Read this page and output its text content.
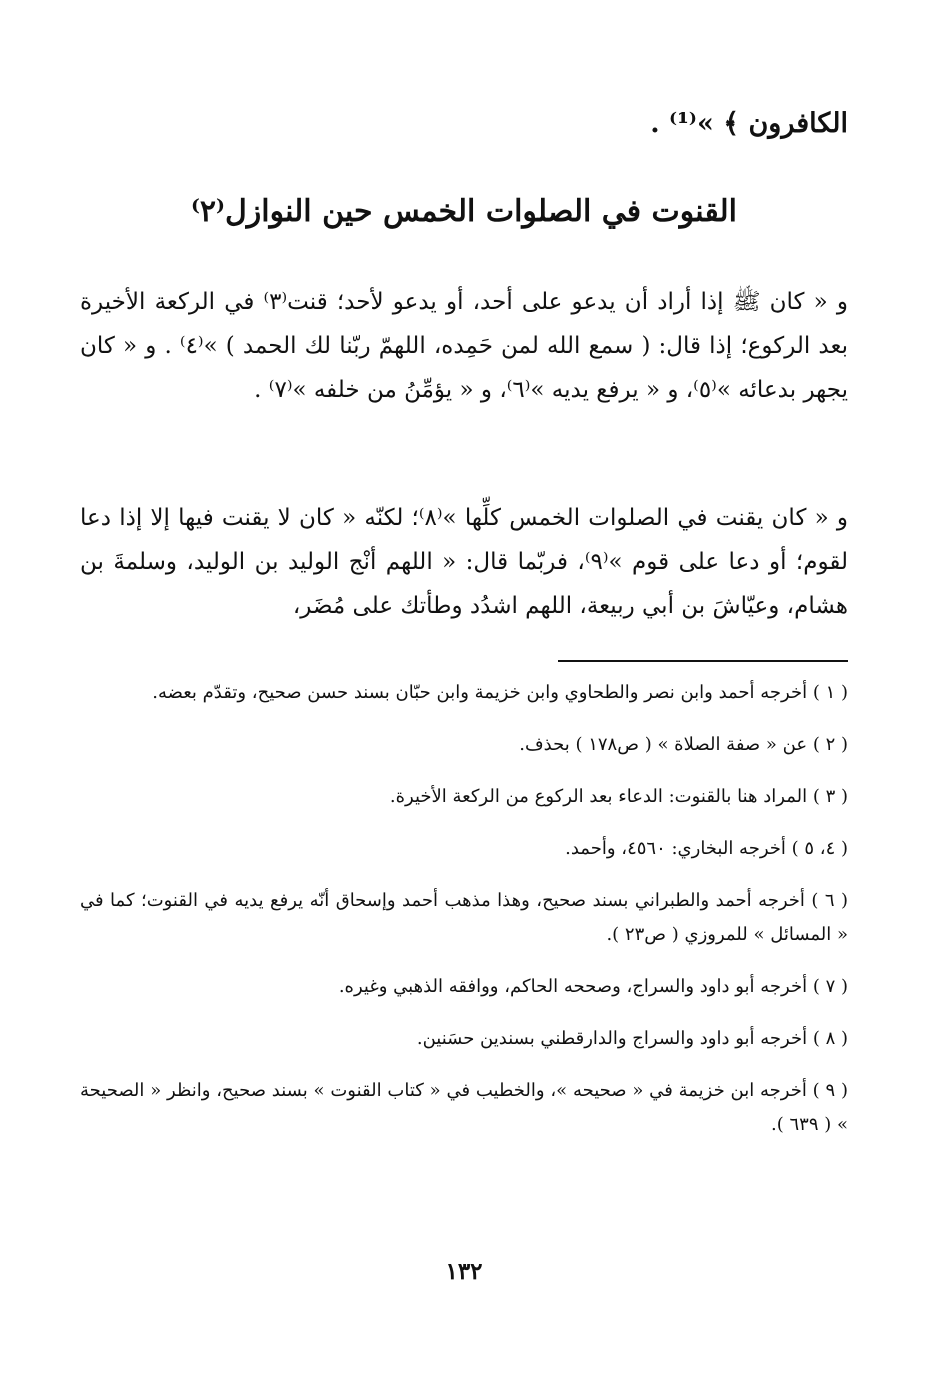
الكافرون ﴾ »⁽¹⁾ .
القنوت في الصلوات الخمس حين النوازل⁽٢⁾

و « كان ﷺ إذا أراد أن يدعو على أحد، أو يدعو لأحد؛ قنت⁽٣⁾ في الركعة الأخيرة بعد الركوع؛ إذا قال: ( سمع الله لمن حَمِده، اللهمّ ربّنا لك الحمد ) »⁽٤⁾ . و « كان يجهر بدعائه »⁽٥⁾، و « يرفع يديه »⁽٦⁾، و « يؤمِّنُ من خلفه »⁽٧⁾ .

و « كان يقنت في الصلوات الخمس كلِّها »⁽٨⁾؛ لكنّه « كان لا يقنت فيها إلا إذا دعا لقوم؛ أو دعا على قوم »⁽٩⁾، فربّما قال: « اللهم أنْج الوليد بن الوليد، وسلمةَ بن هشام، وعيّاشَ بن أبي ربيعة، اللهم اشدُد وطأتك على مُضَر،

( ١ ) أخرجه أحمد وابن نصر والطحاوي وابن خزيمة وابن حبّان بسند حسن صحيح، وتقدّم بعضه.

( ٢ ) عن « صفة الصلاة » ( ص١٧٨ ) بحذف.

( ٣ ) المراد هنا بالقنوت: الدعاء بعد الركوع من الركعة الأخيرة.

( ٤، ٥ ) أخرجه البخاري: ٤٥٦٠، وأحمد.

( ٦ ) أخرجه أحمد والطبراني بسند صحيح، وهذا مذهب أحمد وإسحاق أنّه يرفع يديه في القنوت؛ كما في « المسائل » للمروزي ( ص٢٣ ).

( ٧ ) أخرجه أبو داود والسراج، وصححه الحاكم، ووافقه الذهبي وغيره.

( ٨ ) أخرجه أبو داود والسراج والدارقطني بسندين حسَنين.

( ٩ ) أخرجه ابن خزيمة في « صحيحه »، والخطيب في « كتاب القنوت » بسند صحيح، وانظر « الصحيحة » ( ٦٣٩ ).

١٣٢
